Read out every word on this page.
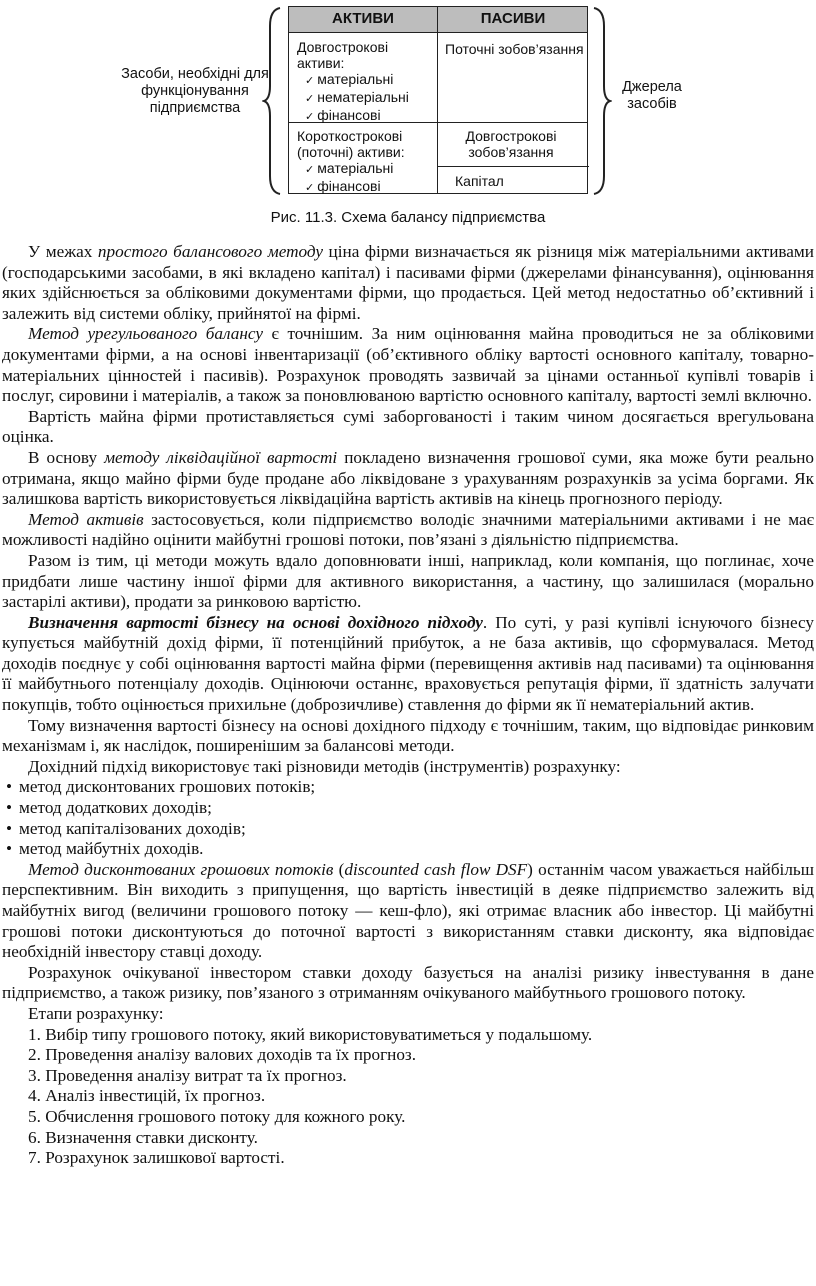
Засоби, необхідні для функціонування підприємства
АКТИВИ	ПАСИВИ
Довгострокові активи:
✓ матеріальні
✓ нематеріальні
✓ фінансові
Поточні зобов’язання
Короткострокові (поточні) активи:
✓ матеріальні
✓ фінансові
Довгострокові зобов’язання
Капітал
Джерела засобів
Рис. 11.3. Схема балансу підприємства

У межах простого балансового методу ціна фірми визначається як різниця між матеріальними активами (господарськими засобами, в які вкладено капітал) і пасивами фірми (джерелами фінансування), оцінювання яких здійснюється за обліковими документами фірми, що продається. Цей метод недостатньо об’єктивний і залежить від системи обліку, прийнятої на фірмі.

Метод урегульованого балансу є точнішим. За ним оцінювання майна проводиться не за обліковими документами фірми, а на основі інвентаризації (об’єктивного обліку вартості основного капіталу, товарно-матеріальних цінностей і пасивів). Розрахунок проводять зазвичай за цінами останньої купівлі товарів і послуг, сировини і матеріалів, а також за поновлюваною вартістю основного капіталу, вартості землі включно.

Вартість майна фірми протиставляється сумі заборгованості і таким чином досягається врегульована оцінка.

В основу методу ліквідаційної вартості покладено визначення грошової суми, яка може бути реально отримана, якщо майно фірми буде продане або ліквідоване з урахуванням розрахунків за усіма боргами. Як залишкова вартість використовується ліквідаційна вартість активів на кінець прогнозного періоду.

Метод активів застосовується, коли підприємство володіє значними матеріальними активами і не має можливості надійно оцінити майбутні грошові потоки, пов’язані з діяльністю підприємства.

Разом із тим, ці методи можуть вдало доповнювати інші, наприклад, коли компанія, що поглинає, хоче придбати лише частину іншої фірми для активного використання, а частину, що залишилася (морально застарілі активи), продати за ринковою вартістю.

Визначення вартості бізнесу на основі дохідного підходу. По суті, у разі купівлі існуючого бізнесу купується майбутній дохід фірми, її потенційний прибуток, а не база активів, що сформувалася. Метод доходів поєднує у собі оцінювання вартості майна фірми (перевищення активів над пасивами) та оцінювання її майбутнього потенціалу доходів. Оцінюючи останнє, враховується репутація фірми, її здатність залучати покупців, тобто оцінюється прихильне (доброзичливе) ставлення до фірми як її нематеріальний актив.

Тому визначення вартості бізнесу на основі дохідного підходу є точнішим, таким, що відповідає ринковим механізмам і, як наслідок, поширенішим за балансові методи.

Дохідний підхід використовує такі різновиди методів (інструментів) розрахунку:

• метод дисконтованих грошових потоків;
• метод додаткових доходів;
• метод капіталізованих доходів;
• метод майбутніх доходів.

Метод дисконтованих грошових потоків (discounted cash flow DSF) останнім часом уважається найбільш перспективним. Він виходить з припущення, що вартість інвестицій в деяке підприємство залежить від майбутніх вигод (величини грошового потоку — кеш-фло), які отримає власник або інвестор. Ці майбутні грошові потоки дисконтуються до поточної вартості з використанням ставки дисконту, яка відповідає необхідній інвестору ставці доходу.

Розрахунок очікуваної інвестором ставки доходу базується на аналізі ризику інвестування в дане підприємство, а також ризику, пов’язаного з отриманням очікуваного майбутнього грошового потоку.

Етапи розрахунку:

1. Вибір типу грошового потоку, який використовуватиметься у подальшому.
2. Проведення аналізу валових доходів та їх прогноз.
3. Проведення аналізу витрат та їх прогноз.
4. Аналіз інвестицій, їх прогноз.
5. Обчислення грошового потоку для кожного року.
6. Визначення ставки дисконту.
7. Розрахунок залишкової вартості.
